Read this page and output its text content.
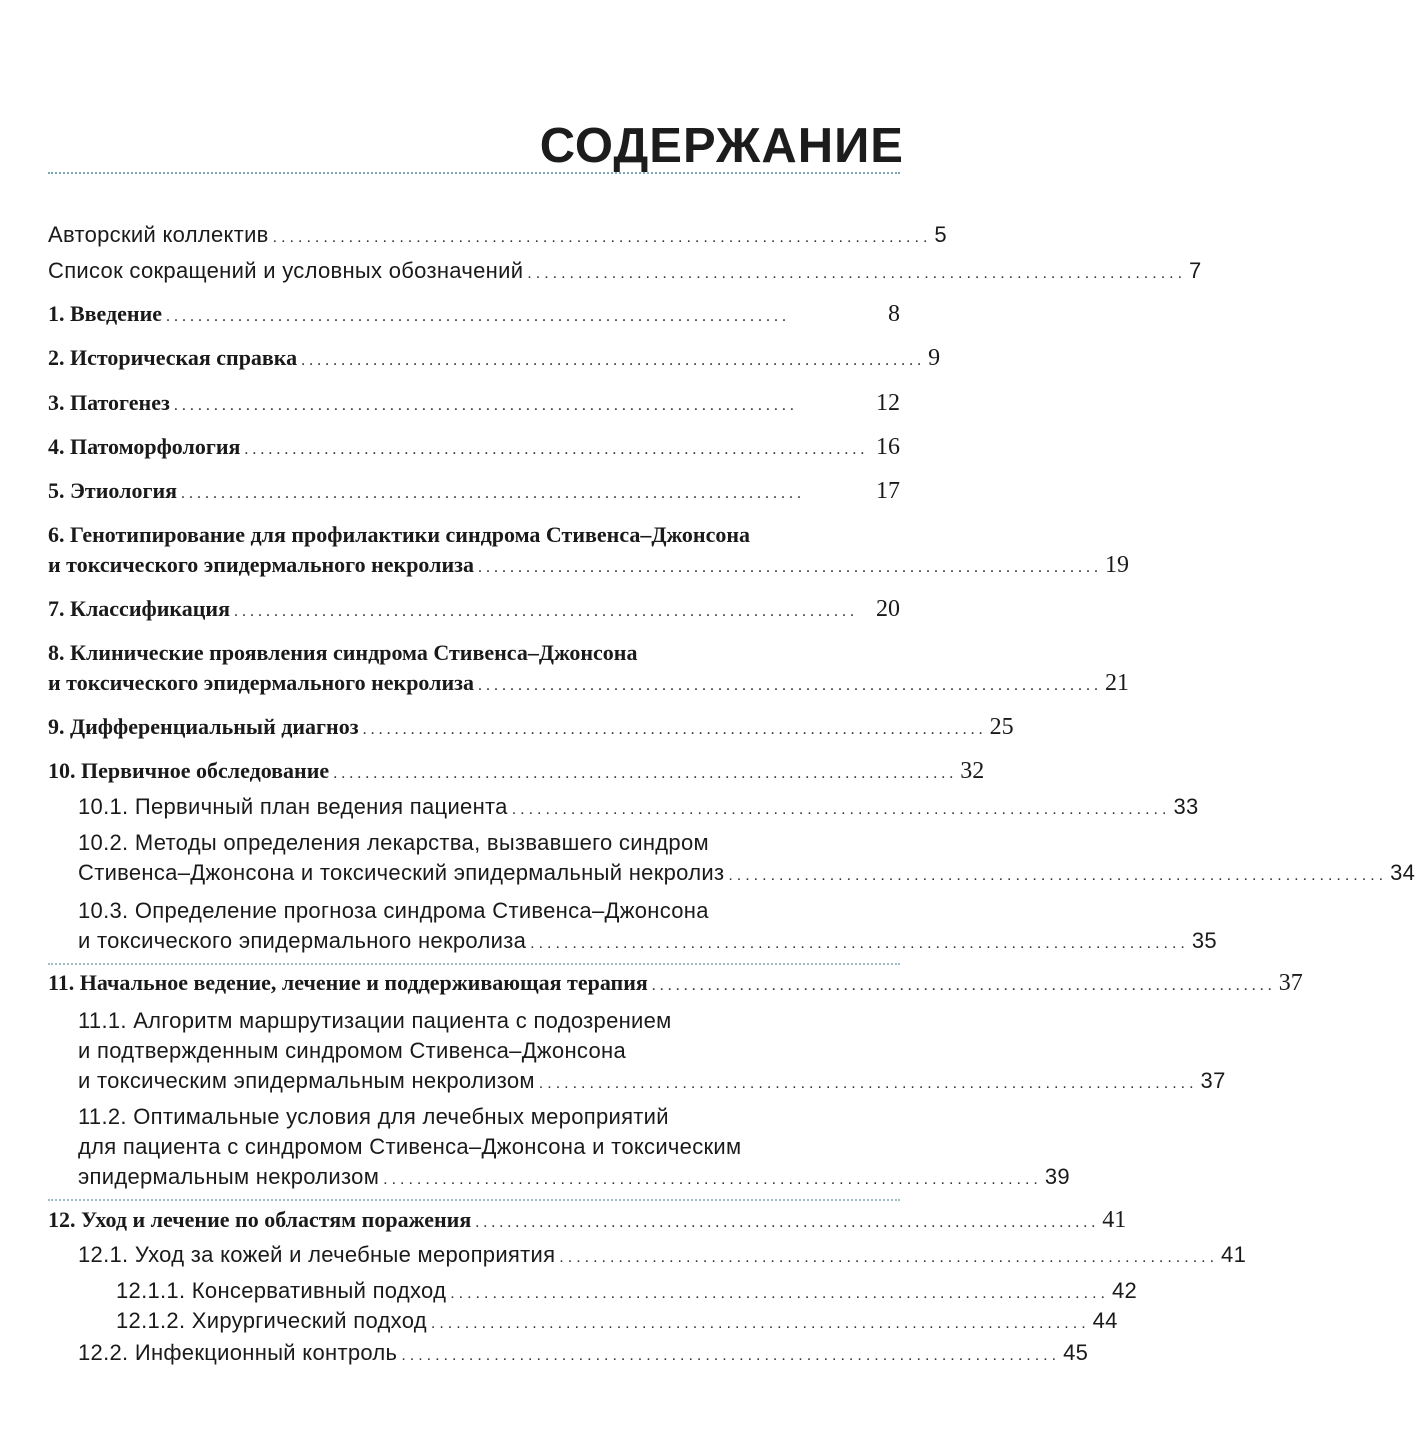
СОДЕРЖАНИЕ
Авторский коллектив .............................................................................. 5
Список сокращений и условных обозначений .............................................................................. 7
1. Введение ..............................................................................	8
2. Историческая справка .............................................................................. 9
3. Патогенез ..............................................................................	12
4. Патоморфология .............................................................................. 16
5. Этиология ..............................................................................	17
6. Генотипирование для профилактики синдрома Стивенса–Джонсона
и токсического эпидермального некролиза .............................................................................. 19
7. Классификация .............................................................................. 20
8. Клинические проявления синдрома Стивенса–Джонсона
и токсического эпидермального некролиза .............................................................................. 21
9. Дифференциальный диагноз .............................................................................. 25
10. Первичное обследование .............................................................................. 32
10.1. Первичный план ведения пациента .............................................................................. 33
10.2. Методы определения лекарства, вызвавшего синдром
Стивенса–Джонсона и токсический эпидермальный некролиз .............................................................................. 34
10.3. Определение прогноза синдрома Стивенса–Джонсона
и токсического эпидермального некролиза .............................................................................. 35
11. Начальное ведение, лечение и поддерживающая терапия .............................................................................. 37
11.1. Алгоритм маршрутизации пациента с подозрением
и подтвержденным синдромом Стивенса–Джонсона
и токсическим эпидермальным некролизом .............................................................................. 37
11.2. Оптимальные условия для лечебных мероприятий
для пациента с синдромом Стивенса–Джонсона и токсическим
эпидермальным некролизом .............................................................................. 39
12. Уход и лечение по областям поражения .............................................................................. 41
12.1. Уход за кожей и лечебные мероприятия .............................................................................. 41
12.1.1. Консервативный подход .............................................................................. 42
12.1.2. Хирургический подход .............................................................................. 44
12.2. Инфекционный контроль .............................................................................. 45
